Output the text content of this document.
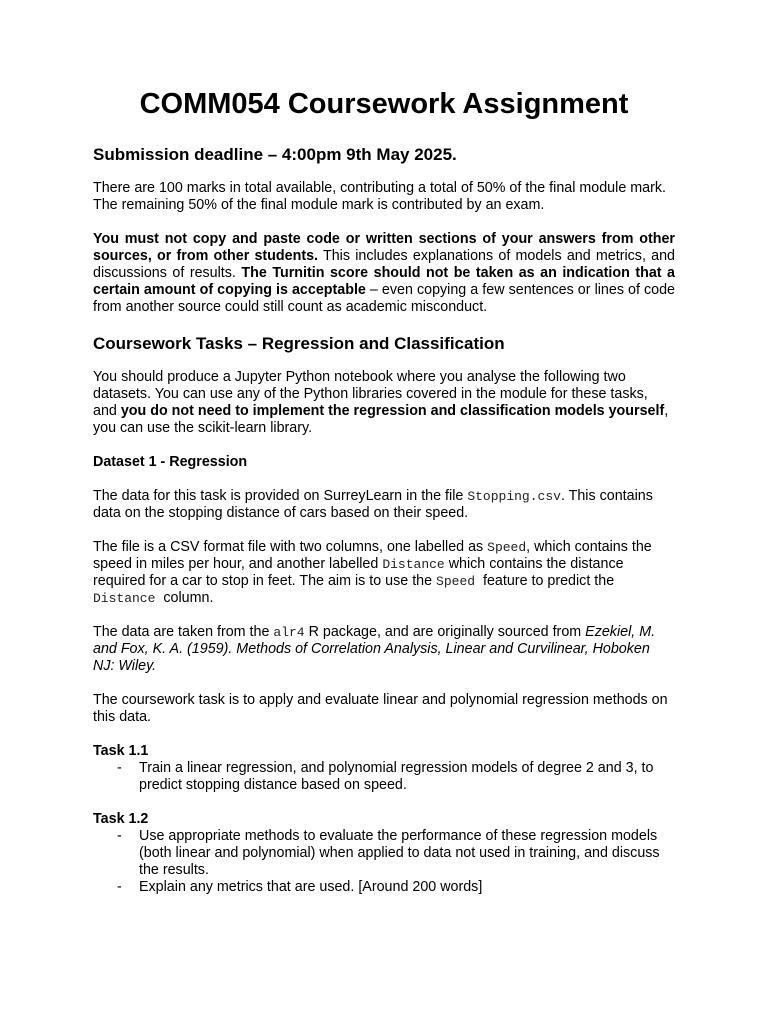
COMM054 Coursework Assignment
Submission deadline – 4:00pm 9th May 2025.

There are 100 marks in total available, contributing a total of 50% of the final module mark. The remaining 50% of the final module mark is contributed by an exam.

You must not copy and paste code or written sections of your answers from other sources, or from other students. This includes explanations of models and metrics, and discussions of results. The Turnitin score should not be taken as an indication that a certain amount of copying is acceptable – even copying a few sentences or lines of code from another source could still count as academic misconduct.

Coursework Tasks – Regression and Classification

You should produce a Jupyter Python notebook where you analyse the following two datasets. You can use any of the Python libraries covered in the module for these tasks, and you do not need to implement the regression and classification models yourself, you can use the scikit-learn library.

Dataset 1 - Regression

The data for this task is provided on SurreyLearn in the file Stopping.csv. This contains data on the stopping distance of cars based on their speed.

The file is a CSV format file with two columns, one labelled as Speed, which contains the speed in miles per hour, and another labelled Distance which contains the distance required for a car to stop in feet. The aim is to use the Speed  feature to predict the Distance  column.

The data are taken from the alr4 R package, and are originally sourced from Ezekiel, M. and Fox, K. A. (1959). Methods of Correlation Analysis, Linear and Curvilinear, Hoboken NJ: Wiley.

The coursework task is to apply and evaluate linear and polynomial regression methods on this data.

Task 1.1
- Train a linear regression, and polynomial regression models of degree 2 and 3, to predict stopping distance based on speed.
Task 1.2
- Use appropriate methods to evaluate the performance of these regression models (both linear and polynomial) when applied to data not used in training, and discuss the results.
- Explain any metrics that are used. [Around 200 words]
